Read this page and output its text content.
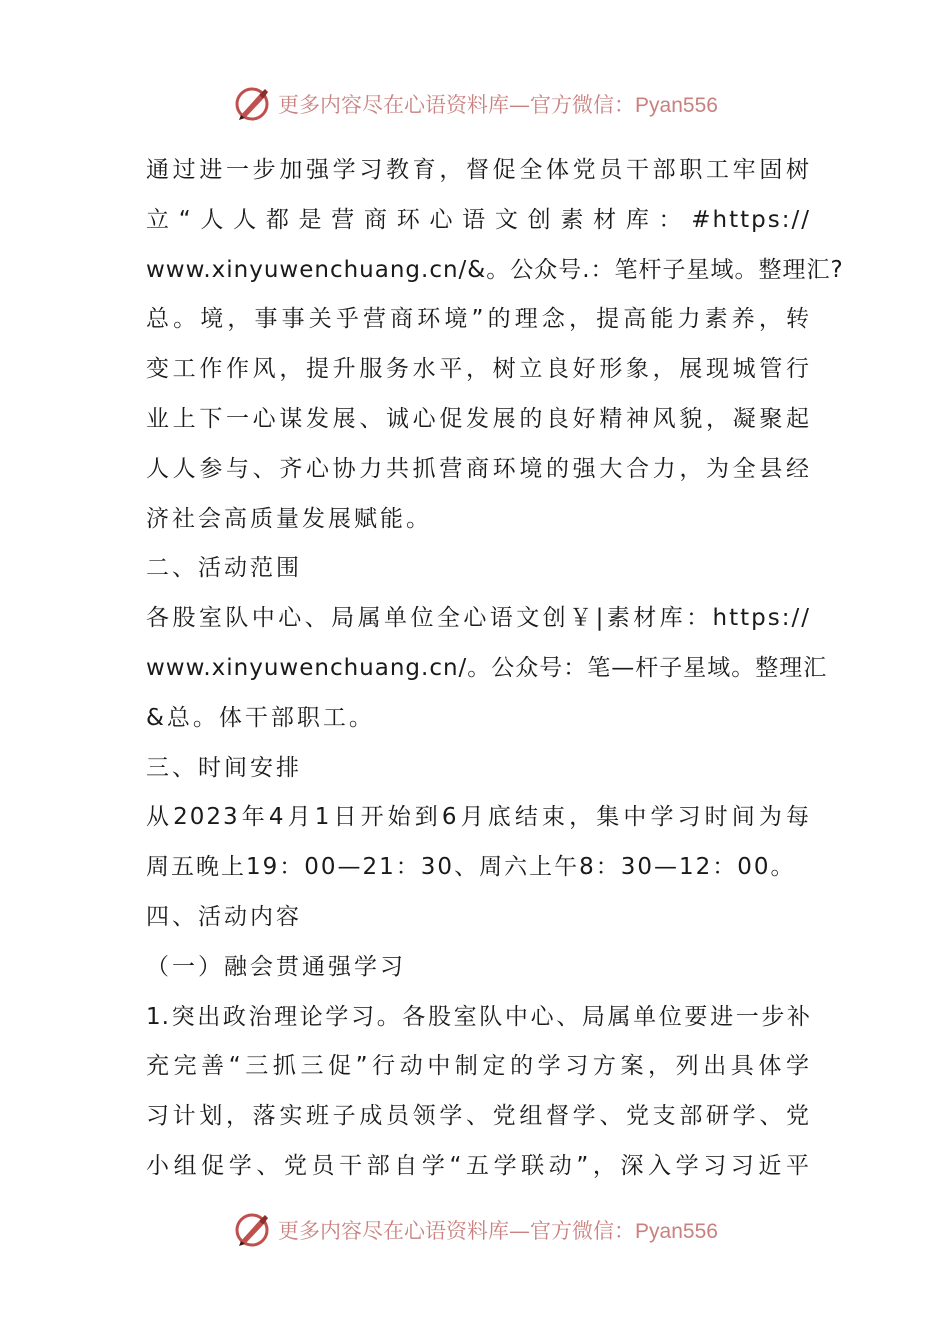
更多内容尽在心语资料库—官方微信：Pyan556
通过进一步加强学习教育，督促全体党员干部职工牢固树
立“人人都是营商环心语文创素材库：#https://
www.xinyuwenchuang.cn/&。公众号.：笔杆子星域。整理汇?
总。境，事事关乎营商环境”的理念，提高能力素养，转
变工作作风，提升服务水平，树立良好形象，展现城管行
业上下一心谋发展、诚心促发展的良好精神风貌，凝聚起
人人参与、齐心协力共抓营商环境的强大合力，为全县经
济社会高质量发展赋能。
二、活动范围
各股室队中心、局属单位全心语文创￥|素材库：https://
www.xinyuwenchuang.cn/。公众号：笔—杆子星域。整理汇
&总。体干部职工。
三、时间安排
从2023年4月1日开始到6月底结束，集中学习时间为每
周五晚上19：00—21：30、周六上午8：30—12：00。
四、活动内容
（一）融会贯通强学习
1.突出政治理论学习。各股室队中心、局属单位要进一步补
充完善“三抓三促”行动中制定的学习方案，列出具体学
习计划，落实班子成员领学、党组督学、党支部研学、党
小组促学、党员干部自学“五学联动”，深入学习习近平
更多内容尽在心语资料库—官方微信：Pyan556
